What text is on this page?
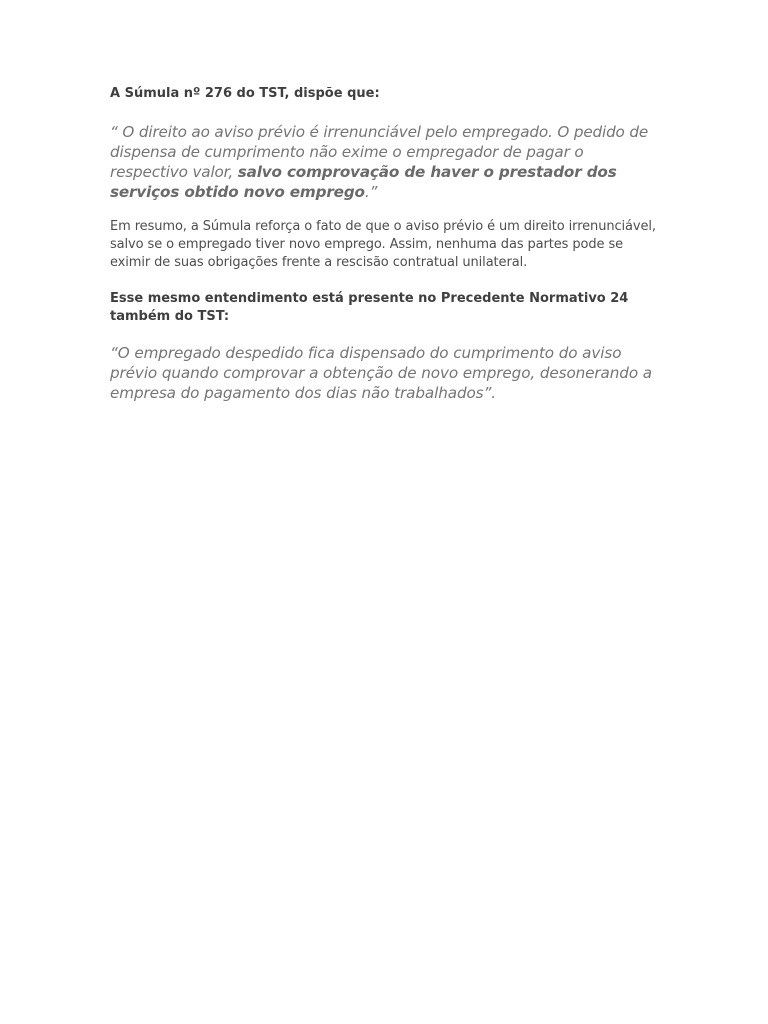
A Súmula nº 276 do TST, dispõe que:

“ O direito ao aviso prévio é irrenunciável pelo empregado. O pedido de dispensa de cumprimento não exime o empregador de pagar o respectivo valor, salvo comprovação de haver o prestador dos serviços obtido novo emprego.”

Em resumo, a Súmula reforça o fato de que o aviso prévio é um direito irrenunciável, salvo se o empregado tiver novo emprego. Assim, nenhuma das partes pode se eximir de suas obrigações frente a rescisão contratual unilateral.

Esse mesmo entendimento está presente no Precedente Normativo 24 também do TST:

“O empregado despedido fica dispensado do cumprimento do aviso prévio quando comprovar a obtenção de novo emprego, desonerando a empresa do pagamento dos dias não trabalhados”.
